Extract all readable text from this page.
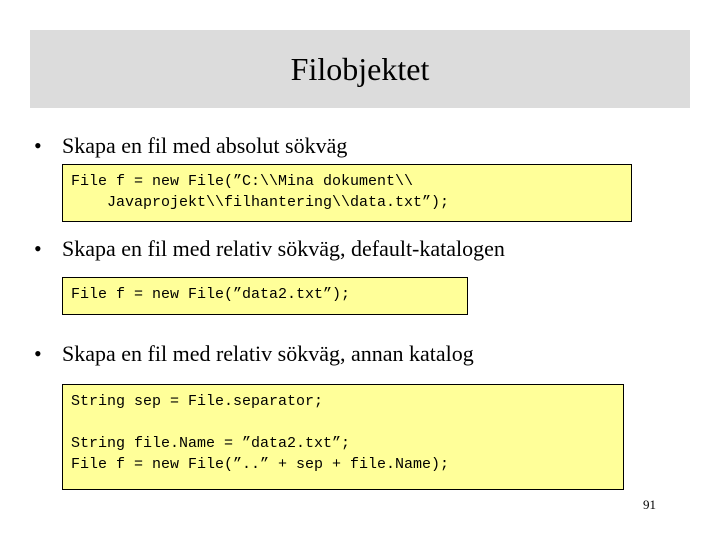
Filobjektet
• Skapa en fil med absolut sökväg
File f = new File(”C:\\Mina dokument\\
Javaprojekt\\filhantering\\data.txt”);
• Skapa en fil med relativ sökväg, default-katalogen
File f = new File(”data2.txt”);
• Skapa en fil med relativ sökväg, annan katalog
String sep = File.separator;
String file.Name = ”data2.txt”;
File f = new File(”..” + sep + file.Name);
91
